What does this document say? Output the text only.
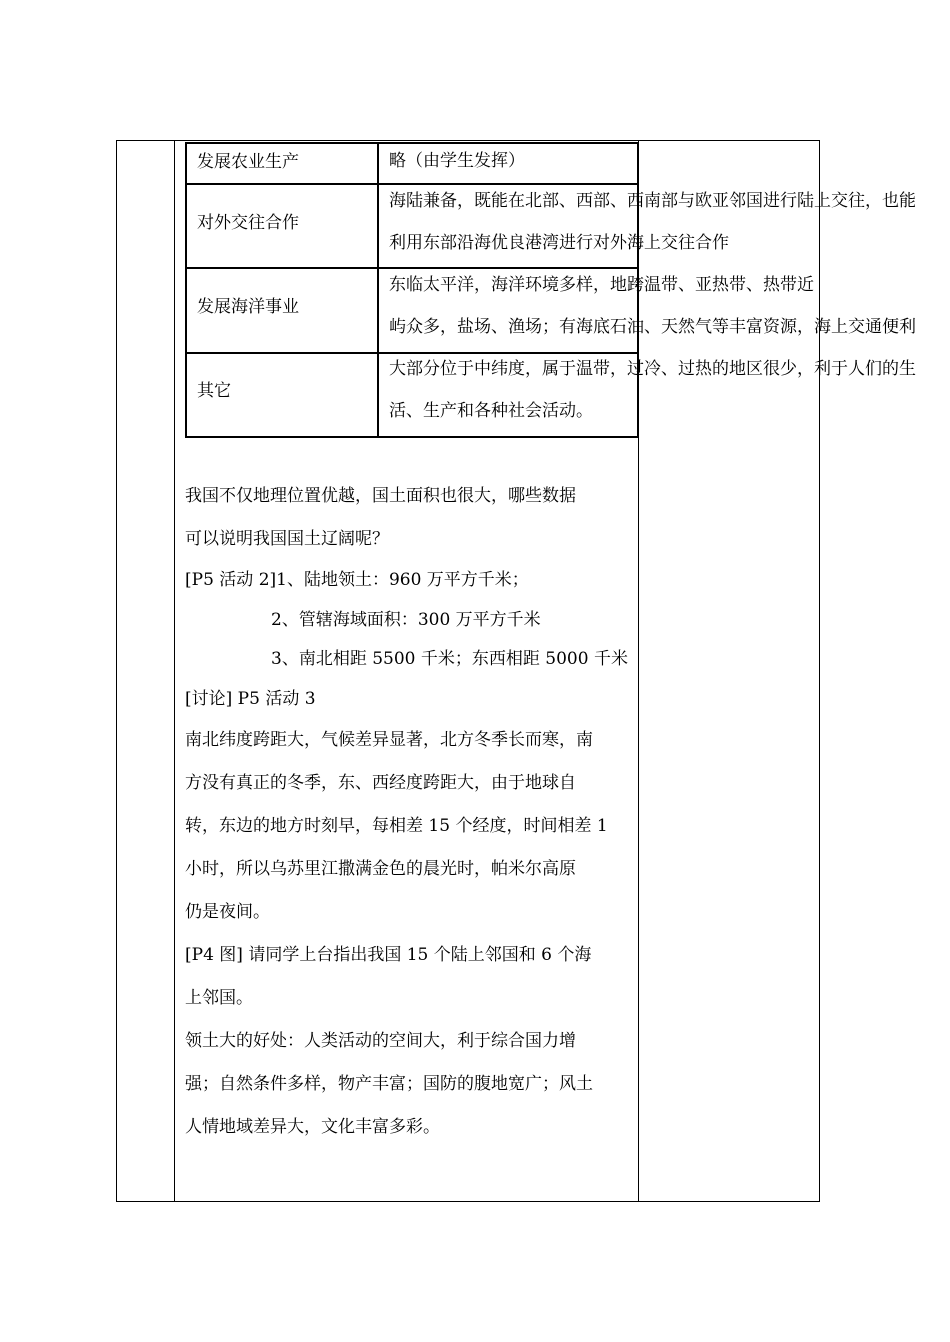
发展农业生产	略（由学生发挥）
对外交往合作
海陆兼备，既能在北部、西部、西南部与欧亚邻国进行陆上交往，也能
利用东部沿海优良港湾进行对外海上交往合作
发展海洋事业
东临太平洋，海洋环境多样，地跨温带、亚热带、热带近
屿众多，盐场、渔场；有海底石油、天然气等丰富资源，海上交通便利
其它
大部分位于中纬度，属于温带，过冷、过热的地区很少，利于人们的生
活、生产和各种社会活动。
我国不仅地理位置优越，国土面积也很大，哪些数据
可以说明我国国土辽阔呢？
[P5 活动 2]1、陆地领土：960 万平方千米；
2、管辖海域面积：300 万平方千米
3、南北相距 5500 千米；东西相距 5000 千米
[讨论] P5 活动 3
南北纬度跨距大，气候差异显著，北方冬季长而寒，南
方没有真正的冬季，东、西经度跨距大，由于地球自
转，东边的地方时刻早，每相差 15 个经度，时间相差 1
小时，所以乌苏里江撒满金色的晨光时，帕米尔高原
仍是夜间。
[P4 图] 请同学上台指出我国 15 个陆上邻国和 6 个海
上邻国。
领土大的好处：人类活动的空间大，利于综合国力增
强；自然条件多样，物产丰富；国防的腹地宽广；风土
人情地域差异大，文化丰富多彩。
